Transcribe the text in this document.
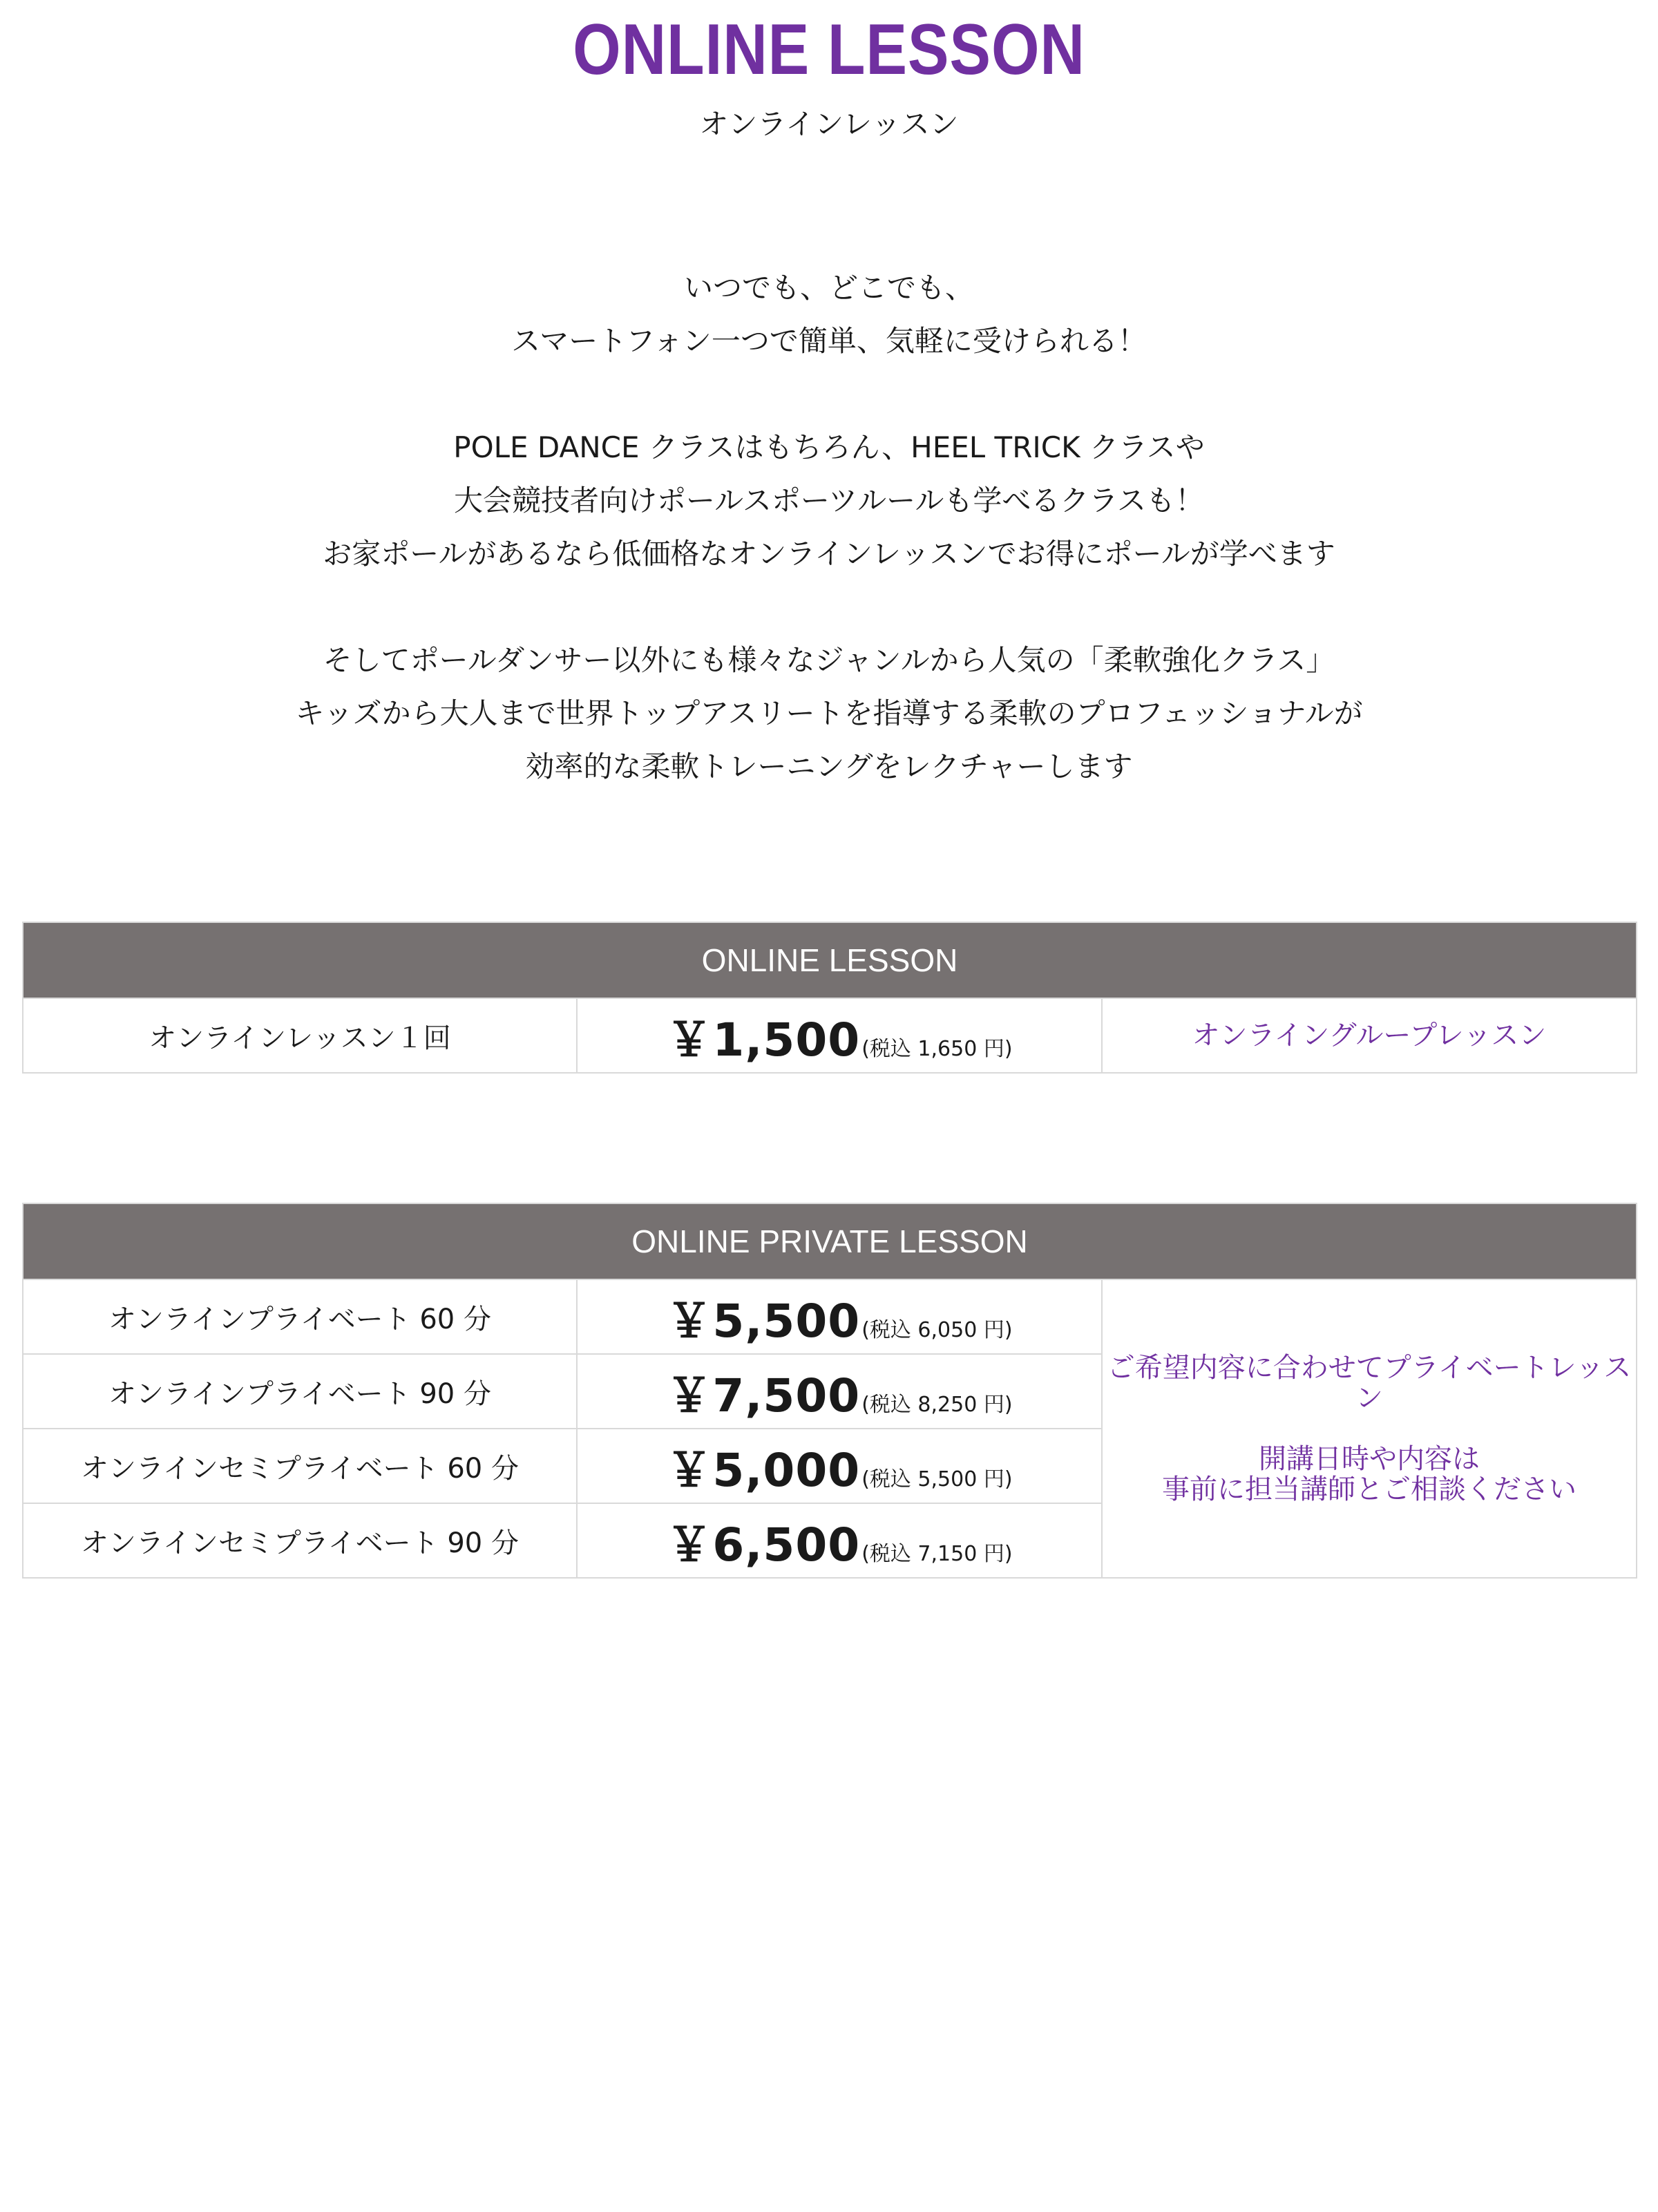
ONLINE LESSON
オンラインレッスン
いつでも、どこでも、
スマートフォン一つで簡単、気軽に受けられる！
POLE DANCE クラスはもちろん、HEEL TRICK クラスや
大会競技者向けポールスポーツルールも学べるクラスも！
お家ポールがあるなら低価格なオンラインレッスンでお得にポールが学べます
そしてポールダンサー以外にも様々なジャンルから人気の「柔軟強化クラス」
キッズから大人まで世界トップアスリートを指導する柔軟のプロフェッショナルが
効率的な柔軟トレーニングをレクチャーします
ONLINE LESSON
オンラインレッスン１回	￥1,500(税込 1,650 円)	オンライングループレッスン
ONLINE PRIVATE LESSON		
オンラインプライベート 60 分	￥5,500(税込 6,050 円)	ご希望内容に合わせてプライベートレッスン
開講日時や内容は
事前に担当講師とご相談ください

オンラインプライベート 90 分	￥7,500(税込 8,250 円)	
オンラインセミプライベート 60 分	￥5,000(税込 5,500 円)	
オンラインセミプライベート 90 分	￥6,500(税込 7,150 円)	
